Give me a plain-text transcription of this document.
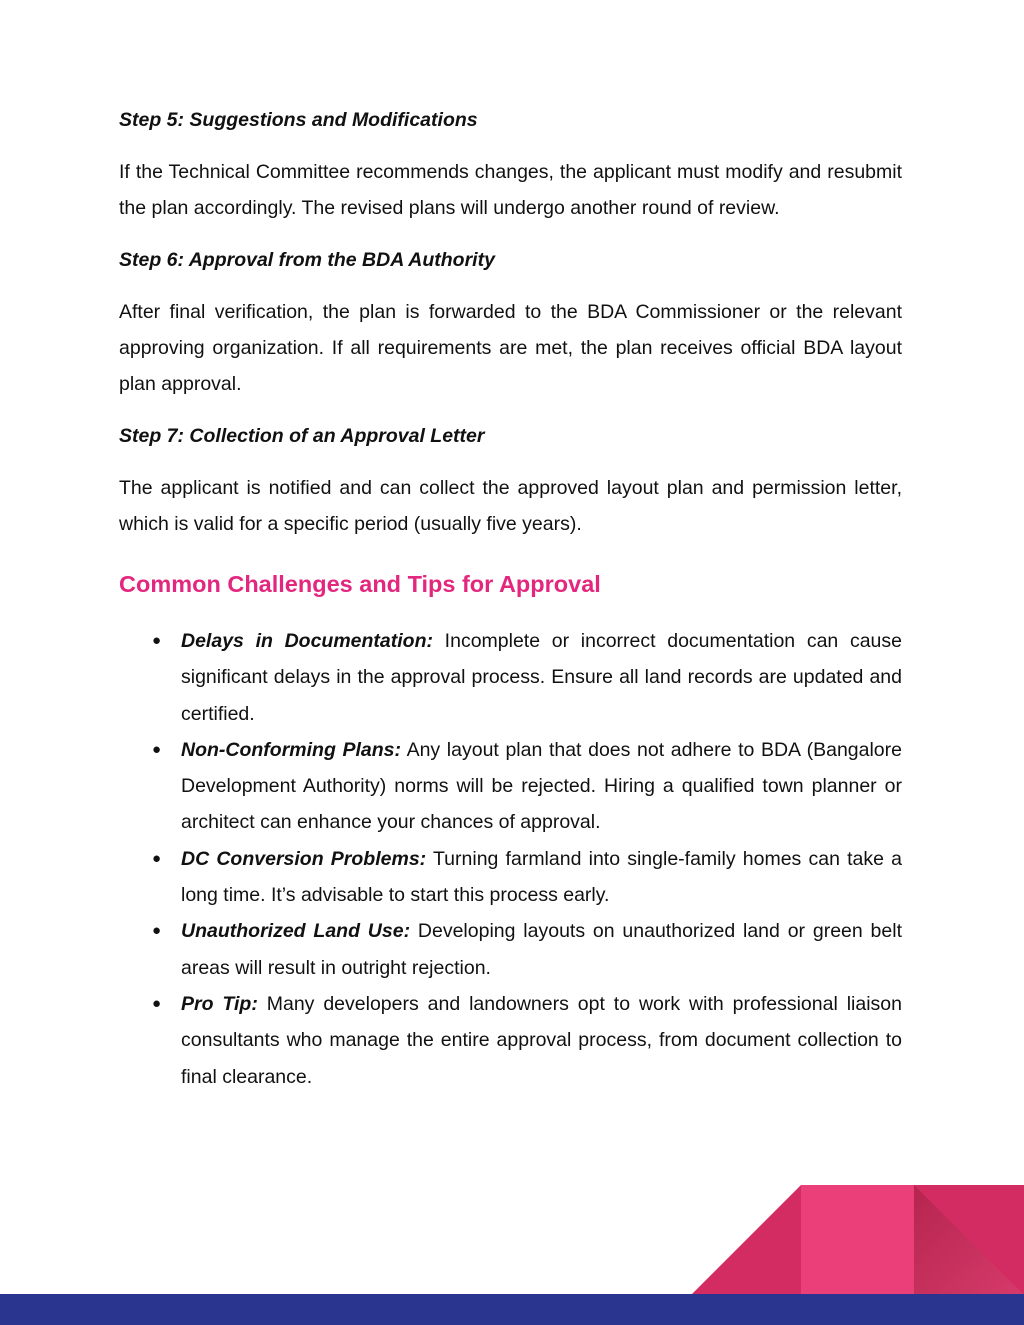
Step 5: Suggestions and Modifications

If the Technical Committee recommends changes, the applicant must modify and resubmit the plan accordingly. The revised plans will undergo another round of review.

Step 6: Approval from the BDA Authority

After final verification, the plan is forwarded to the BDA Commissioner or the relevant approving organization. If all requirements are met, the plan receives official BDA layout plan approval.

Step 7: Collection of an Approval Letter

The applicant is notified and can collect the approved layout plan and permission letter, which is valid for a specific period (usually five years).

Common Challenges and Tips for Approval
● Delays in Documentation: Incomplete or incorrect documentation can cause significant delays in the approval process. Ensure all land records are updated and certified.
● Non-Conforming Plans: Any layout plan that does not adhere to BDA (Bangalore Development Authority) norms will be rejected. Hiring a qualified town planner or architect can enhance your chances of approval.
● DC Conversion Problems: Turning farmland into single-family homes can take a long time. It’s advisable to start this process early.
● Unauthorized Land Use: Developing layouts on unauthorized land or green belt areas will result in outright rejection.
● Pro Tip: Many developers and landowners opt to work with professional liaison consultants who manage the entire approval process, from document collection to final clearance.
